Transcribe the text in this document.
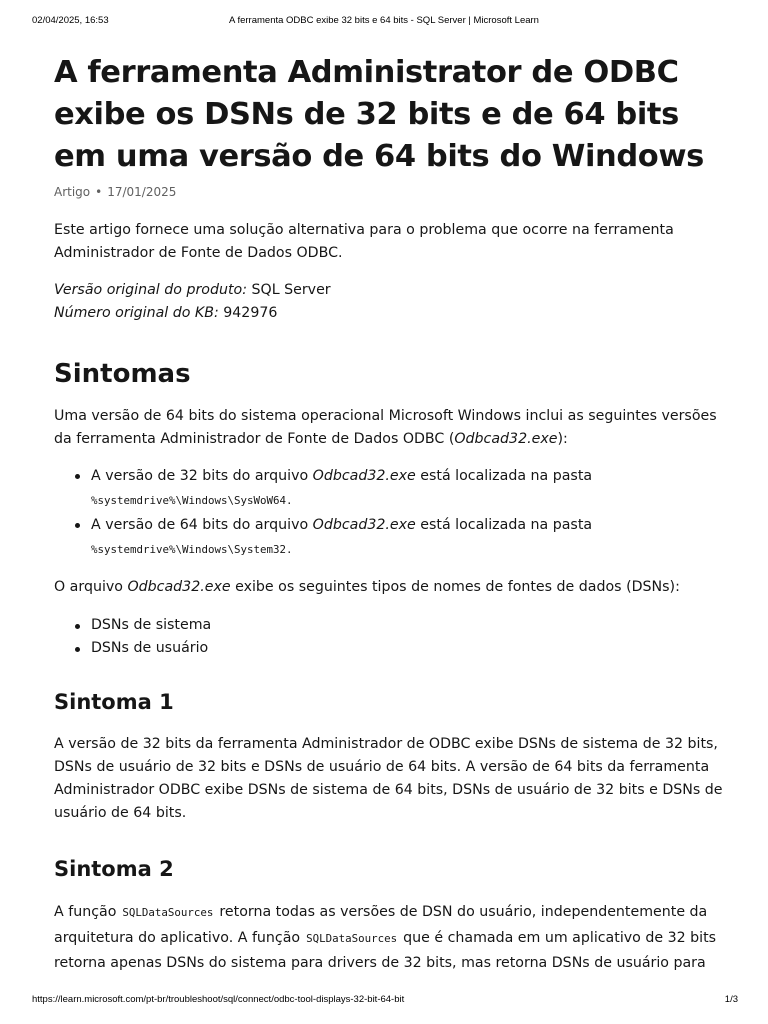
02/04/2025, 16:53	A ferramenta ODBC exibe 32 bits e 64 bits - SQL Server | Microsoft Learn
A ferramenta Administrator de ODBC exibe os DSNs de 32 bits e de 64 bits em uma versão de 64 bits do Windows
Artigo • 17/01/2025

Este artigo fornece uma solução alternativa para o problema que ocorre na ferramenta Administrador de Fonte de Dados ODBC.

Versão original do produto: SQL Server
Número original do KB: 942976
Sintomas

Uma versão de 64 bits do sistema operacional Microsoft Windows inclui as seguintes versões da ferramenta Administrador de Fonte de Dados ODBC (Odbcad32.exe):

A versão de 32 bits do arquivo Odbcad32.exe está localizada na pasta
%systemdrive%\Windows\SysWoW64.
A versão de 64 bits do arquivo Odbcad32.exe está localizada na pasta
%systemdrive%\Windows\System32.

O arquivo Odbcad32.exe exibe os seguintes tipos de nomes de fontes de dados (DSNs):

DSNs de sistema
DSNs de usuário
Sintoma 1

A versão de 32 bits da ferramenta Administrador de ODBC exibe DSNs de sistema de 32 bits, DSNs de usuário de 32 bits e DSNs de usuário de 64 bits. A versão de 64 bits da ferramenta Administrador ODBC exibe DSNs de sistema de 64 bits, DSNs de usuário de 32 bits e DSNs de usuário de 64 bits.

Sintoma 2

A função SQLDataSources retorna todas as versões de DSN do usuário, independentemente da arquitetura do aplicativo. A função SQLDataSources que é chamada em um aplicativo de 32 bits retorna apenas DSNs do sistema para drivers de 32 bits, mas retorna DSNs de usuário para

https://learn.microsoft.com/pt-br/troubleshoot/sql/connect/odbc-tool-displays-32-bit-64-bit	1/3
